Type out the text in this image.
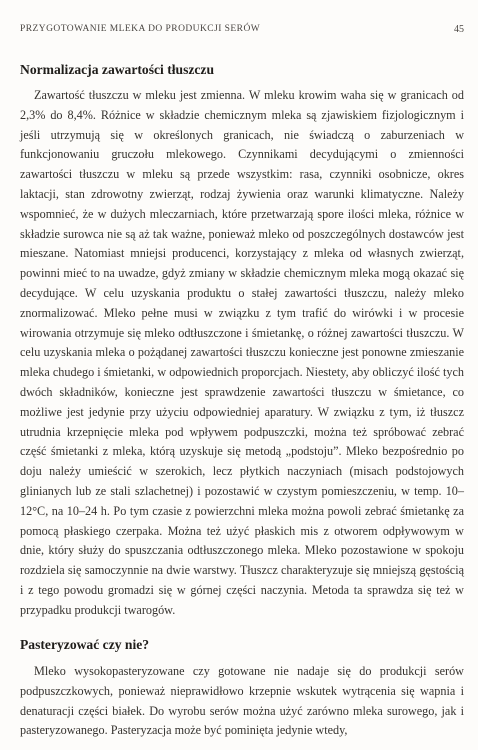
PRZYGOTOWANIE MLEKA DO PRODUKCJI SERÓW	45
Normalizacja zawartości tłuszczu

Zawartość tłuszczu w mleku jest zmienna. W mleku krowim waha się w granicach od 2,3% do 8,4%. Różnice w składzie chemicznym mleka są zjawiskiem fizjologicznym i jeśli utrzymują się w określonych granicach, nie świadczą o zaburzeniach w funkcjonowaniu gruczołu mlekowego. Czynnikami decydującymi o zmienności zawartości tłuszczu w mleku są przede wszystkim: rasa, czynniki osobnicze, okres laktacji, stan zdrowotny zwierząt, rodzaj żywienia oraz warunki klimatyczne. Należy wspomnieć, że w dużych mleczarniach, które przetwarzają spore ilości mleka, różnice w składzie surowca nie są aż tak ważne, ponieważ mleko od poszczególnych dostawców jest mieszane. Natomiast mniejsi producenci, korzystający z mleka od własnych zwierząt, powinni mieć to na uwadze, gdyż zmiany w składzie chemicznym mleka mogą okazać się decydujące. W celu uzyskania produktu o stałej zawartości tłuszczu, należy mleko znormalizować. Mleko pełne musi w związku z tym trafić do wirówki i w procesie wirowania otrzymuje się mleko odtłuszczone i śmietankę, o różnej zawartości tłuszczu. W celu uzyskania mleka o pożądanej zawartości tłuszczu konieczne jest ponowne zmieszanie mleka chudego i śmietanki, w odpowiednich proporcjach. Niestety, aby obliczyć ilość tych dwóch składników, konieczne jest sprawdzenie zawartości tłuszczu w śmietance, co możliwe jest jedynie przy użyciu odpowiedniej aparatury. W związku z tym, iż tłuszcz utrudnia krzepnięcie mleka pod wpływem podpuszczki, można też spróbować zebrać część śmietanki z mleka, którą uzyskuje się metodą „podstoju”. Mleko bezpośrednio po doju należy umieścić w szerokich, lecz płytkich naczyniach (misach podstojowych glinianych lub ze stali szlachetnej) i pozostawić w czystym pomieszczeniu, w temp. 10–12°C, na 10–24 h. Po tym czasie z powierzchni mleka można powoli zebrać śmietankę za pomocą płaskiego czerpaka. Można też użyć płaskich mis z otworem odpływowym w dnie, który służy do spuszczania odtłuszczonego mleka. Mleko pozostawione w spokoju rozdziela się samoczynnie na dwie warstwy. Tłuszcz charakteryzuje się mniejszą gęstością i z tego powodu gromadzi się w górnej części naczynia. Metoda ta sprawdza się też w przypadku produkcji twarogów.

Pasteryzować czy nie?

Mleko wysokopasteryzowane czy gotowane nie nadaje się do produkcji serów podpuszczkowych, ponieważ nieprawidłowo krzepnie wskutek wytrącenia się wapnia i denaturacji części białek. Do wyrobu serów można użyć zarówno mleka surowego, jak i pasteryzowanego. Pasteryzacja może być pominięta jedynie wtedy,
